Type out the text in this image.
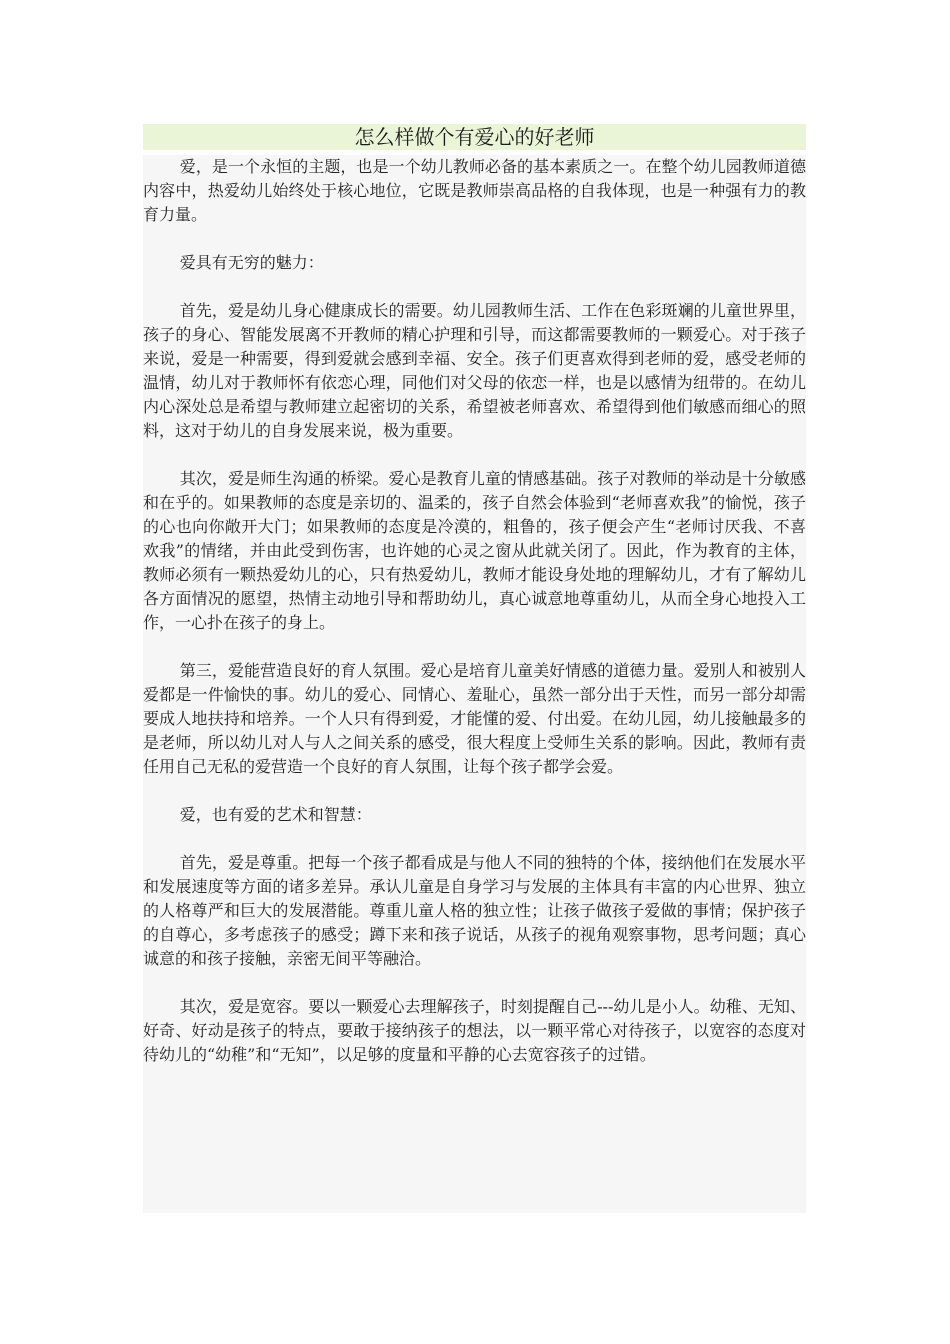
怎么样做个有爱心的好老师

爱，是一个永恒的主题，也是一个幼儿教师必备的基本素质之一。在整个幼儿园教师道德内容中，热爱幼儿始终处于核心地位，它既是教师崇高品格的自我体现，也是一种强有力的教育力量。

爱具有无穷的魅力：

首先，爱是幼儿身心健康成长的需要。幼儿园教师生活、工作在色彩斑斓的儿童世界里，孩子的身心、智能发展离不开教师的精心护理和引导，而这都需要教师的一颗爱心。对于孩子来说，爱是一种需要，得到爱就会感到幸福、安全。孩子们更喜欢得到老师的爱，感受老师的温情，幼儿对于教师怀有依恋心理，同他们对父母的依恋一样，也是以感情为纽带的。在幼儿内心深处总是希望与教师建立起密切的关系，希望被老师喜欢、希望得到他们敏感而细心的照料，这对于幼儿的自身发展来说，极为重要。

其次，爱是师生沟通的桥梁。爱心是教育儿童的情感基础。孩子对教师的举动是十分敏感和在乎的。如果教师的态度是亲切的、温柔的，孩子自然会体验到“老师喜欢我”的愉悦，孩子的心也向你敞开大门；如果教师的态度是冷漠的，粗鲁的，孩子便会产生“老师讨厌我、不喜欢我”的情绪，并由此受到伤害，也许她的心灵之窗从此就关闭了。因此，作为教育的主体，教师必须有一颗热爱幼儿的心，只有热爱幼儿，教师才能设身处地的理解幼儿，才有了解幼儿各方面情况的愿望，热情主动地引导和帮助幼儿，真心诚意地尊重幼儿，从而全身心地投入工作，一心扑在孩子的身上。

第三，爱能营造良好的育人氛围。爱心是培育儿童美好情感的道德力量。爱别人和被别人爱都是一件愉快的事。幼儿的爱心、同情心、羞耻心，虽然一部分出于天性，而另一部分却需要成人地扶持和培养。一个人只有得到爱，才能懂的爱、付出爱。在幼儿园，幼儿接触最多的是老师，所以幼儿对人与人之间关系的感受，很大程度上受师生关系的影响。因此，教师有责任用自己无私的爱营造一个良好的育人氛围，让每个孩子都学会爱。

爱，也有爱的艺术和智慧：

首先，爱是尊重。把每一个孩子都看成是与他人不同的独特的个体，接纳他们在发展水平和发展速度等方面的诸多差异。承认儿童是自身学习与发展的主体具有丰富的内心世界、独立的人格尊严和巨大的发展潜能。尊重儿童人格的独立性；让孩子做孩子爱做的事情；保护孩子的自尊心，多考虑孩子的感受；蹲下来和孩子说话，从孩子的视角观察事物，思考问题；真心诚意的和孩子接触，亲密无间平等融洽。

其次，爱是宽容。要以一颗爱心去理解孩子，时刻提醒自己---幼儿是小人。幼稚、无知、好奇、好动是孩子的特点，要敢于接纳孩子的想法，以一颗平常心对待孩子，以宽容的态度对待幼儿的“幼稚”和“无知”，以足够的度量和平静的心去宽容孩子的过错。
